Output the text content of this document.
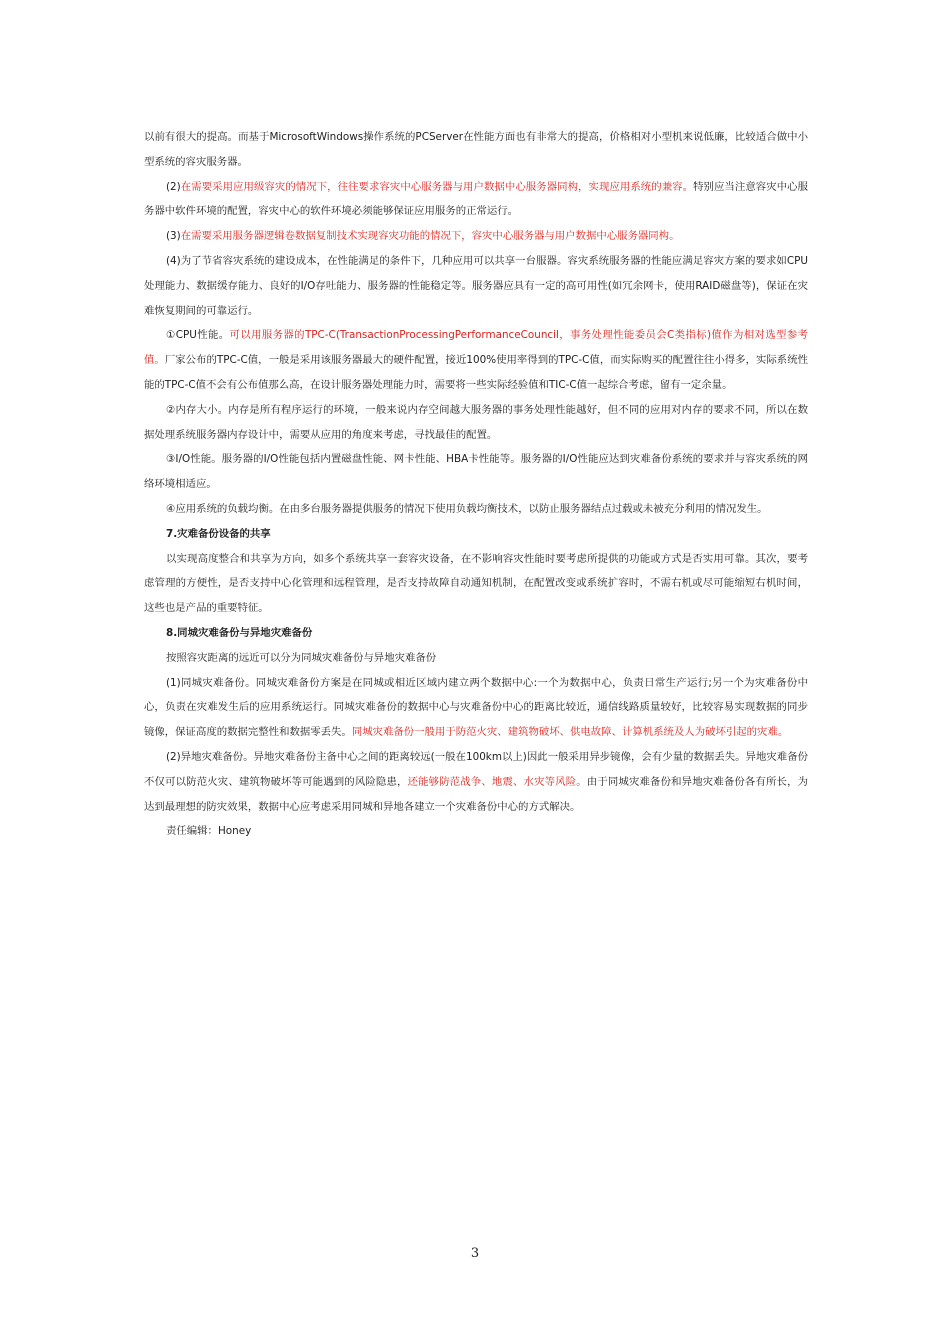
以前有很大的提高。而基于MicrosoftWindows操作系统的PCServer在性能方面也有非常大的提高，价格相对小型机来说低廉，比较适合做中小型系统的容灾服务器。

(2)在需要采用应用级容灾的情况下，往往要求容灾中心服务器与用户数据中心服务器同构，实现应用系统的兼容。特别应当注意容灾中心服务器中软件环境的配置，容灾中心的软件环境必须能够保证应用服务的正常运行。

(3)在需要采用服务器逻辑卷数据复制技术实现容灾功能的情况下，容灾中心服务器与用户数据中心服务器同构。

(4)为了节省容灾系统的建设成本，在性能满足的条件下，几种应用可以共享一台服器。容灾系统服务器的性能应满足容灾方案的要求如CPU处理能力、数据缓存能力、良好的I/O存吐能力、服务器的性能稳定等。服务器应具有一定的高可用性(如冗余网卡，使用RAID磁盘等)，保证在灾难恢复期间的可靠运行。

①CPU性能。可以用服务器的TPC-C(TransactionProcessingPerformanceCouncil，事务处理性能委员会C类指标)值作为相对选型参考值。厂家公布的TPC-C值，一般是采用该服务器最大的硬件配置，接近100%使用率得到的TPC-C值，而实际购买的配置往往小得多，实际系统性能的TPC-C值不会有公布值那么高，在设计服务器处理能力时，需要将一些实际经验值和TIC-C值一起综合考虑，留有一定余量。

②内存大小。内存是所有程序运行的环境，一般来说内存空间越大服务器的事务处理性能越好，但不同的应用对内存的要求不同，所以在数据处理系统服务器内存设计中，需要从应用的角度来考虑，寻找最佳的配置。

③I/O性能。服务器的I/O性能包括内置磁盘性能、网卡性能、HBA卡性能等。服务器的I/O性能应达到灾难备份系统的要求并与容灾系统的网络环境相适应。

④应用系统的负载均衡。在由多台服务器提供服务的情况下使用负载均衡技术，以防止服务器结点过载或未被充分利用的情况发生。

7.灾难备份设备的共享

以实现高度整合和共享为方向，如多个系统共享一套容灾设备，在不影响容灾性能时要考虑所提供的功能或方式是否实用可靠。其次，要考虑管理的方便性，是否支持中心化管理和远程管理，是否支持故障自动通知机制，在配置改变或系统扩容时，不需右机或尽可能缩短右机时间，这些也是产品的重要特征。

8.同城灾难备份与异地灾难备份

按照容灾距离的远近可以分为同城灾难备份与异地灾难备份

(1)同城灾难备份。同城灾难备份方案是在同城或相近区域内建立两个数据中心:一个为数据中心，负责日常生产运行;另一个为灾难备份中心，负责在灾难发生后的应用系统运行。同城灾难备份的数据中心与灾难备份中心的距离比较近，通信线路质量较好，比较容易实现数据的同步镜像，保证高度的数据完整性和数据零丢失。同城灾难备份一般用于防范火灾、建筑物破坏、供电故障、计算机系统及人为破坏引起的灾难。

(2)异地灾难备份。异地灾难备份主备中心之间的距离较远(一般在100km以上)因此一般采用异步镜像，会有少量的数据丢失。异地灾难备份不仅可以防范火灾、建筑物破坏等可能遇到的风险隐患，还能够防范战争、地震、水灾等风险。由于同城灾难备份和异地灾难备份各有所长，为达到最理想的防灾效果，数据中心应考虑采用同城和异地各建立一个灾难备份中心的方式解决。

责任编辑：Honey

3
